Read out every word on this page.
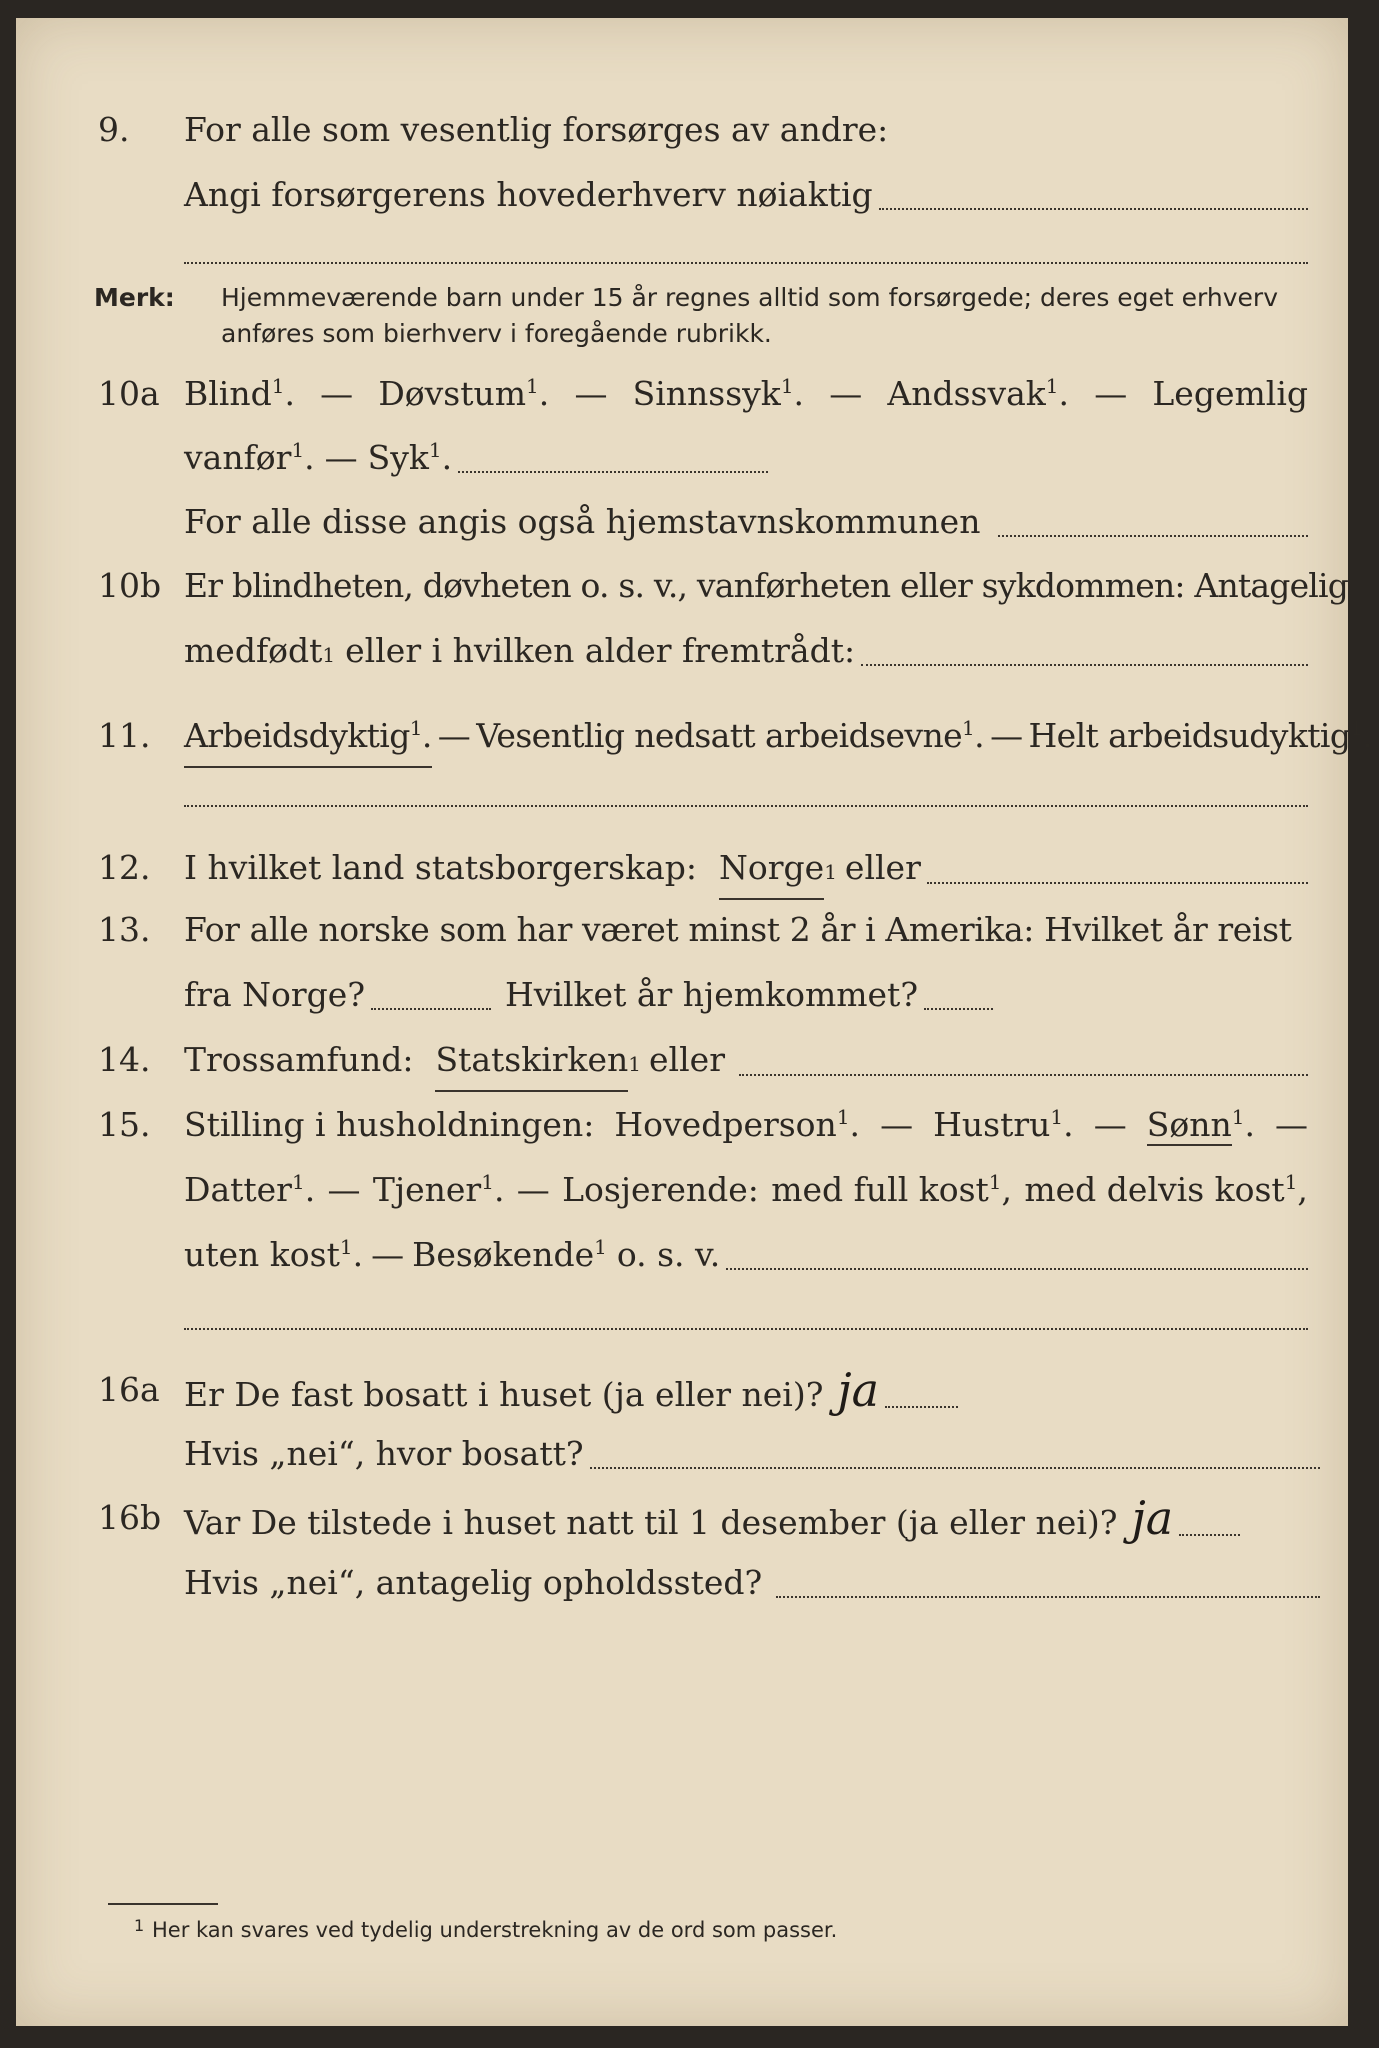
9. For alle som vesentlig forsørges av andre:
Angi forsørgerens hovederhverv nøiaktig
Merk: Hjemmeværende barn under 15 år regnes alltid som forsørgede; deres eget erhverv anføres som bierhverv i foregående rubrikk.
10a Blind$^1$. — Døvstum$^1$. — Sinnssyk$^1$. — Andssvak$^1$. — Legemlig
vanfør$^1$. — Syk$^1$.
For alle disse angis også hjemstavnskommunen
10b Er blindheten, døvheten o. s. v., vanførheten eller sykdommen: Antagelig
medfødt 1 eller i hvilken alder fremtrådt:
11. Arbeidsdyktig$^1$. — Vesentlig nedsatt arbeidsevne$^1$. — Helt arbeidsudyktig$^1$.
12. I hvilket land statsborgerskap: Norge 1 eller
13. For alle norske som har været minst 2 år i Amerika: Hvilket år reist
fra Norge?	Hvilket år hjemkommet?
14. Trossamfund: Statskirken 1 eller
15. Stilling i husholdningen: Hovedperson$^1$. — Hustru$^1$. — Sønn$^1$. —
Datter$^1$. — Tjener$^1$. — Losjerende: med full kost$^1$, med delvis kost$^1$,
uten kost$^1$. — Besøkende$^1$ o. s. v.
16a Er De fast bosatt i huset (ja eller nei)? ja
Hvis „nei“, hvor bosatt?
16b Var De tilstede i huset natt til 1 desember (ja eller nei)? ja
Hvis „nei“, antagelig opholdssted?
1 Her kan svares ved tydelig understrekning av de ord som passer.
